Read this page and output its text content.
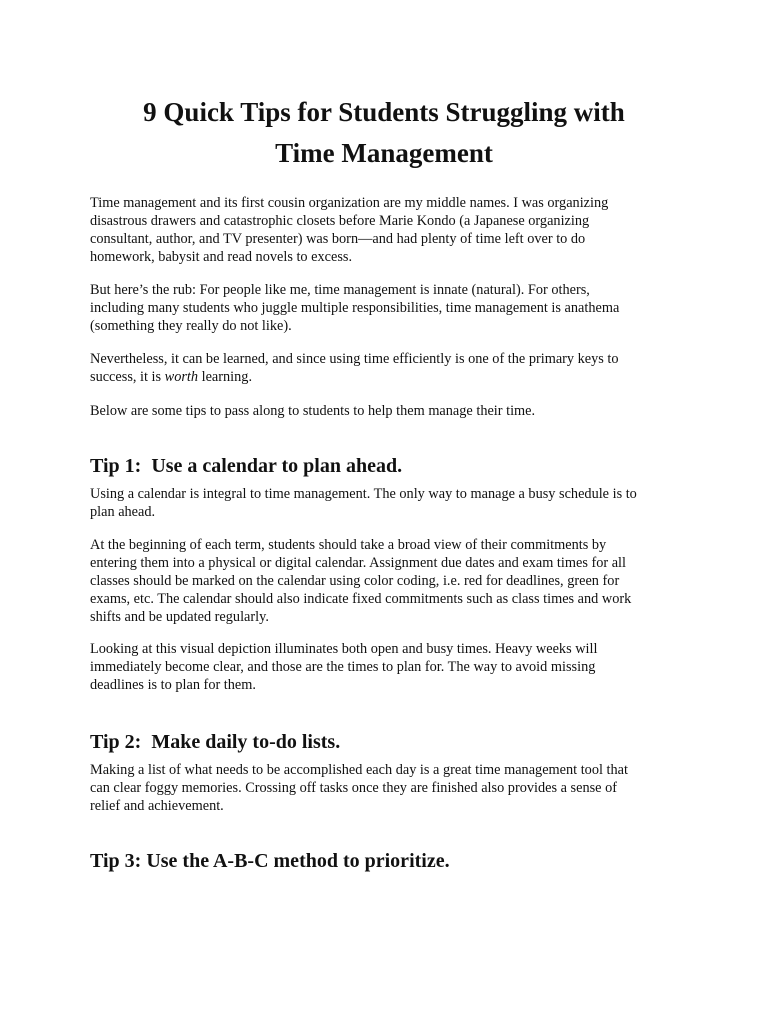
9 Quick Tips for Students Struggling with
Time Management

Time management and its first cousin organization are my middle names. I was organizing
disastrous drawers and catastrophic closets before Marie Kondo (a Japanese organizing
consultant, author, and TV presenter) was born—and had plenty of time left over to do
homework, babysit and read novels to excess.

But here’s the rub: For people like me, time management is innate (natural). For others,
including many students who juggle multiple responsibilities, time management is anathema
(something they really do not like).

Nevertheless, it can be learned, and since using time efficiently is one of the primary keys to
success, it is worth learning.

Below are some tips to pass along to students to help them manage their time.

Tip 1:  Use a calendar to plan ahead.

Using a calendar is integral to time management. The only way to manage a busy schedule is to
plan ahead.

At the beginning of each term, students should take a broad view of their commitments by
entering them into a physical or digital calendar. Assignment due dates and exam times for all
classes should be marked on the calendar using color coding, i.e. red for deadlines, green for
exams, etc. The calendar should also indicate fixed commitments such as class times and work
shifts and be updated regularly.

Looking at this visual depiction illuminates both open and busy times. Heavy weeks will
immediately become clear, and those are the times to plan for. The way to avoid missing
deadlines is to plan for them.

Tip 2:  Make daily to-do lists.

Making a list of what needs to be accomplished each day is a great time management tool that
can clear foggy memories. Crossing off tasks once they are finished also provides a sense of
relief and achievement.

Tip 3: Use the A-B-C method to prioritize.
